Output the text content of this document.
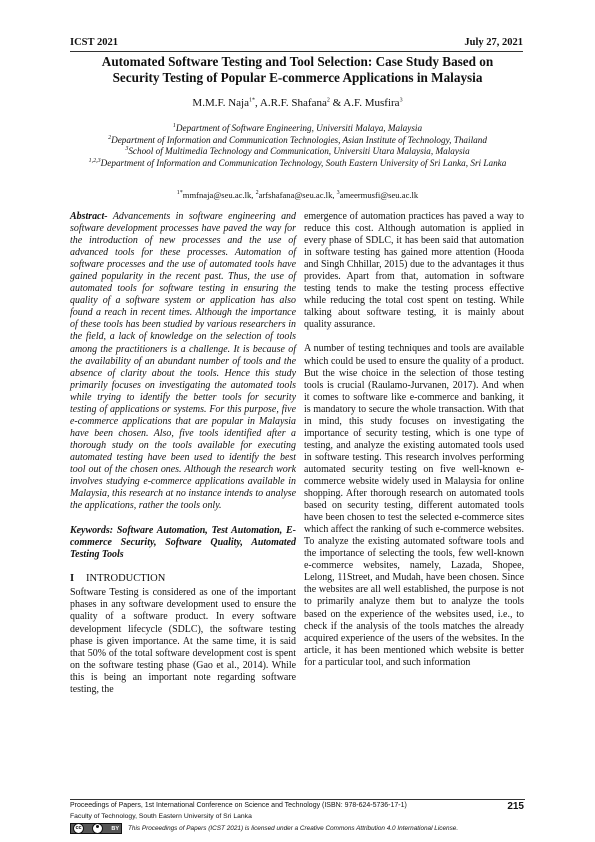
ICST 2021	July 27, 2021
Automated Software Testing and Tool Selection: Case Study Based on
Security Testing of Popular E-commerce Applications in Malaysia
M.M.F. Naja$^{1*}$, A.R.F. Shafana$^2$ & A.F. Musfira$^3$
$^1$Department of Software Engineering, Universiti Malaya, Malaysia
$^2$Department of Information and Communication Technologies, Asian Institute of Technology, Thailand
$^3$School of Multimedia Technology and Communication, Universiti Utara Malaysia, Malaysia
$^{1,2,3}$Department of Information and Communication Technology, South Eastern University of Sri Lanka, Sri Lanka
$^{1*}$mmfnaja@seu.ac.lk, $^2$arfshafana@seu.ac.lk, $^3$ameermusfi@seu.ac.lk

Abstract- Advancements in software engineering and software development processes have paved the way for the introduction of new processes and the use of advanced tools for these processes. Automation of software processes and the use of automated tools have gained popularity in the recent past. Thus, the use of automated tools for software testing in ensuring the quality of a software system or application has also found a reach in recent times. Although the importance of these tools has been studied by various researchers in the field, a lack of knowledge on the selection of tools among the practitioners is a challenge. It is because of the availability of an abundant number of tools and the absence of clarity about the tools. Hence this study primarily focuses on investigating the automated tools while trying to identify the better tools for security testing of applications or systems. For this purpose, five e-commerce applications that are popular in Malaysia have been chosen. Also, five tools identified after a thorough study on the tools available for executing automated testing have been used to identify the best tool out of the chosen ones. Although the research work involves studying e-commerce applications available in Malaysia, this research at no instance intends to analyse the applications, rather the tools only.

Keywords: Software Automation, Test Automation, E-commerce Security, Software Quality, Automated Testing Tools

I	INTRODUCTION

Software Testing is considered as one of the important phases in any software development used to ensure the quality of a software product. In every software development lifecycle (SDLC), the software testing phase is given importance. At the same time, it is said that 50% of the total software development cost is spent on the software testing phase (Gao et al., 2014). While this is being an important note regarding software testing, the

emergence of automation practices has paved a way to reduce this cost. Although automation is applied in every phase of SDLC, it has been said that automation in software testing has gained more attention (Hooda and Singh Chhillar, 2015) due to the advantages it thus provides. Apart from that, automation in software testing tends to make the testing process effective while reducing the total cost spent on testing. While talking about software testing, it is mainly about quality assurance.

A number of testing techniques and tools are available which could be used to ensure the quality of a product. But the wise choice in the selection of those testing tools is crucial (Raulamo-Jurvanen, 2017). And when it comes to software like e-commerce and banking, it is mandatory to secure the whole transaction. With that in mind, this study focuses on investigating the importance of security testing, which is one type of testing, and analyze the existing automated tools used in software testing. This research involves performing automated security testing on five well-known e-commerce website widely used in Malaysia for online shopping. After thorough research on automated tools based on security testing, different automated tools have been chosen to test the selected e-commerce sites which affect the ranking of such e-commerce websites. To analyze the existing automated software tools and the importance of selecting the tools, few well-known e-commerce websites, namely, Lazada, Shopee, Lelong, 11Street, and Mudah, have been chosen. Since the websites are all well established, the purpose is not to primarily analyze them but to analyze the tools based on the experience of the websites used, i.e., to check if the analysis of the tools matches the already acquired experience of the users of the websites. In the article, it has been mentioned which website is better for a particular tool, and such information

Proceedings of Papers, 1st International Conference on Science and Technology (ISBN: 978-624-5736-17-1)	215
Faculty of Technology, South Eastern University of Sri Lanka
cc	BY This Proceedings of Papers (ICST 2021) is licensed under a Creative Commons Attribution 4.0 International License.
